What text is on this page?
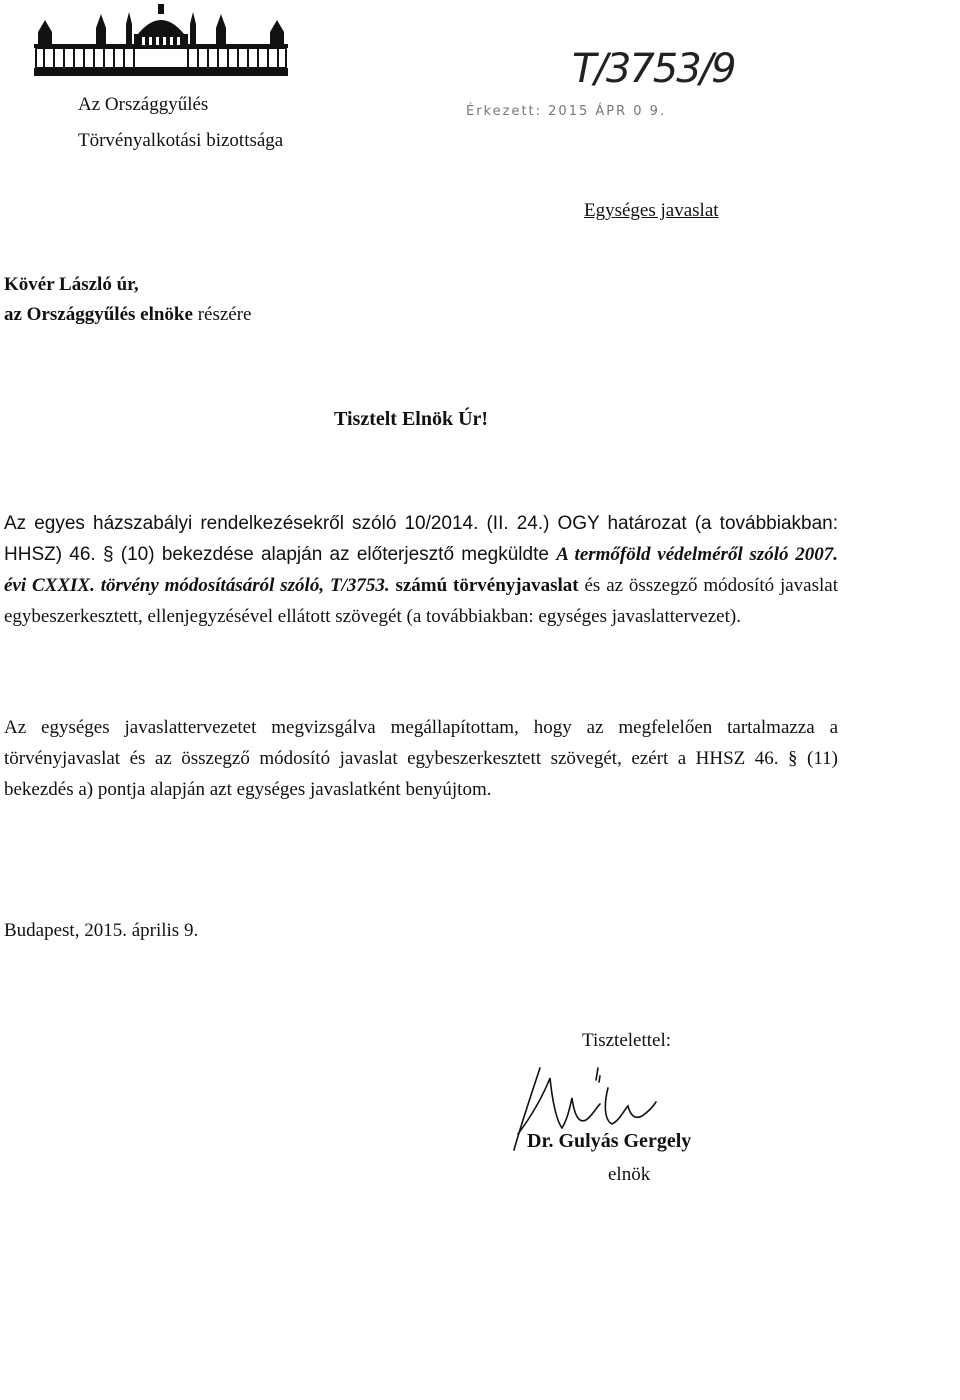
Az Országgyűlés
Törvényalkotási bizottsága
T/3753/9
Érkezett: 2015 ÁPR 0 9.
Egységes javaslat
Kövér László úr,
az Országgyűlés elnöke részére
Tisztelt Elnök Úr!

Az egyes házszabályi rendelkezésekről szóló 10/2014. (II. 24.) OGY határozat (a továbbiakban: HHSZ) 46. § (10) bekezdése alapján az előterjesztő megküldte A termőföld védelméről szóló 2007. évi CXXIX. törvény módosításáról szóló, T/3753. számú törvényjavaslat és az összegző módosító javaslat egybeszerkesztett, ellenjegyzésével ellátott szövegét (a továbbiakban: egységes javaslattervezet).

Az egységes javaslattervezetet megvizsgálva megállapítottam, hogy az megfelelően tartalmazza a törvényjavaslat és az összegző módosító javaslat egybeszerkesztett szövegét, ezért a HHSZ 46. § (11) bekezdés a) pontja alapján azt egységes javaslatként benyújtom.

Budapest, 2015. április 9.
Tisztelettel:
Dr. Gulyás Gergely
elnök
